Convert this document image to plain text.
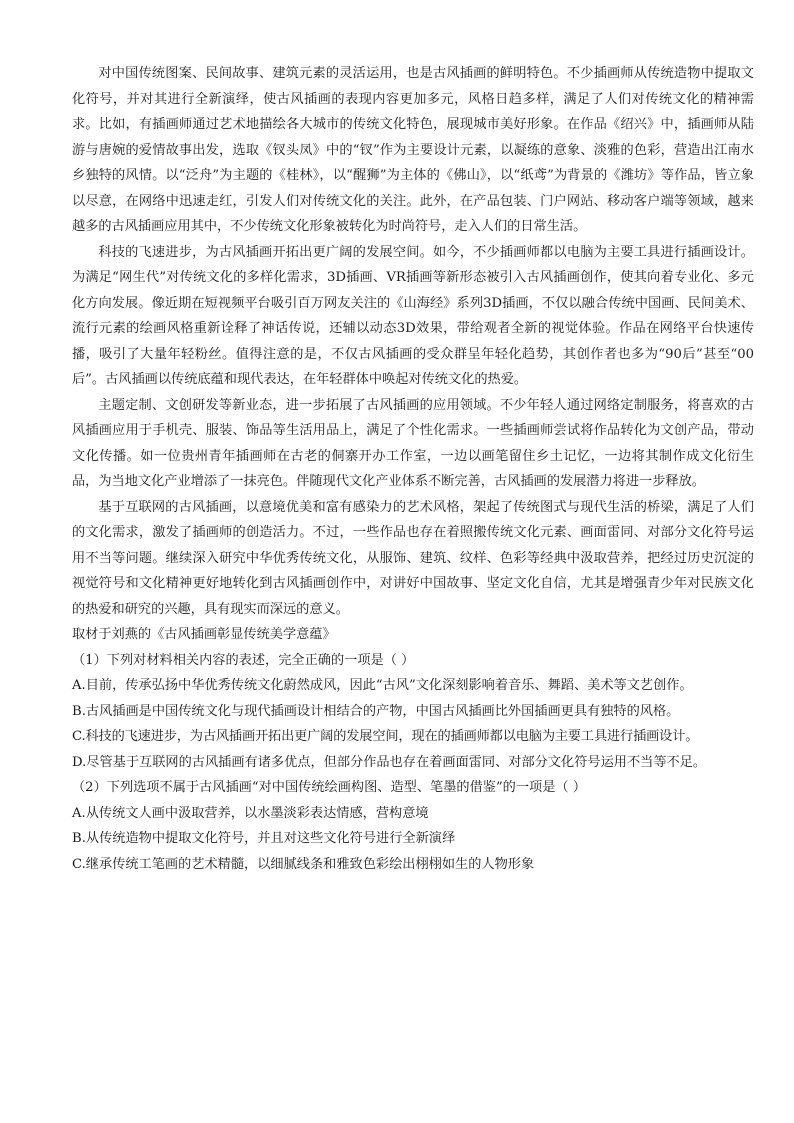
对中国传统图案、民间故事、建筑元素的灵活运用，也是古风插画的鲜明特色。不少插画师从传统造物中提取文化符号，并对其进行全新演绎，使古风插画的表现内容更加多元，风格日趋多样，满足了人们对传统文化的精神需求。比如，有插画师通过艺术地描绘各大城市的传统文化特色，展现城市美好形象。在作品《绍兴》中，插画师从陆游与唐婉的爱情故事出发，选取《钗头凤》中的“钗”作为主要设计元素，以凝练的意象、淡雅的色彩，营造出江南水乡独特的风情。以“泛舟”为主题的《桂林》，以“醒狮”为主体的《佛山》，以“纸鸢”为背景的《潍坊》等作品，皆立象以尽意，在网络中迅速走红，引发人们对传统文化的关注。此外，在产品包装、门户网站、移动客户端等领域，越来越多的古风插画应用其中，不少传统文化形象被转化为时尚符号，走入人们的日常生活。

科技的飞速进步，为古风插画开拓出更广阔的发展空间。如今，不少插画师都以电脑为主要工具进行插画设计。为满足“网生代”对传统文化的多样化需求，3D插画、VR插画等新形态被引入古风插画创作，使其向着专业化、多元化方向发展。像近期在短视频平台吸引百万网友关注的《山海经》系列3D插画，不仅以融合传统中国画、民间美术、流行元素的绘画风格重新诠释了神话传说，还辅以动态3D效果，带给观者全新的视觉体验。作品在网络平台快速传播，吸引了大量年轻粉丝。值得注意的是，不仅古风插画的受众群呈年轻化趋势，其创作者也多为“90后”甚至“00后”。古风插画以传统底蕴和现代表达，在年轻群体中唤起对传统文化的热爱。

主题定制、文创研发等新业态，进一步拓展了古风插画的应用领域。不少年轻人通过网络定制服务，将喜欢的古风插画应用于手机壳、服装、饰品等生活用品上，满足了个性化需求。一些插画师尝试将作品转化为文创产品，带动文化传播。如一位贵州青年插画师在古老的侗寨开办工作室，一边以画笔留住乡土记忆，一边将其制作成文化衍生品，为当地文化产业增添了一抹亮色。伴随现代文化产业体系不断完善，古风插画的发展潜力将进一步释放。

基于互联网的古风插画，以意境优美和富有感染力的艺术风格，架起了传统图式与现代生活的桥梁，满足了人们的文化需求，激发了插画师的创造活力。不过，一些作品也存在着照搬传统文化元素、画面雷同、对部分文化符号运用不当等问题。继续深入研究中华优秀传统文化，从服饰、建筑、纹样、色彩等经典中汲取营养，把经过历史沉淀的视觉符号和文化精神更好地转化到古风插画创作中，对讲好中国故事、坚定文化自信，尤其是增强青少年对民族文化的热爱和研究的兴趣，具有现实而深远的意义。

取材于刘燕的《古风插画彰显传统美学意蕴》

（1）下列对材料相关内容的表述，完全正确的一项是（ ）

A.目前，传承弘扬中华优秀传统文化蔚然成风，因此“古风”文化深刻影响着音乐、舞蹈、美术等文艺创作。

B.古风插画是中国传统文化与现代插画设计相结合的产物，中国古风插画比外国插画更具有独特的风格。

C.科技的飞速进步，为古风插画开拓出更广阔的发展空间，现在的插画师都以电脑为主要工具进行插画设计。

D.尽管基于互联网的古风插画有诸多优点，但部分作品也存在着画面雷同、对部分文化符号运用不当等不足。

（2）下列选项不属于古风插画“对中国传统绘画构图、造型、笔墨的借鉴”的一项是（ ）

A.从传统文人画中汲取营养，以水墨淡彩表达情感，营构意境

B.从传统造物中提取文化符号，并且对这些文化符号进行全新演绎

C.继承传统工笔画的艺术精髓，以细腻线条和雅致色彩绘出栩栩如生的人物形象
